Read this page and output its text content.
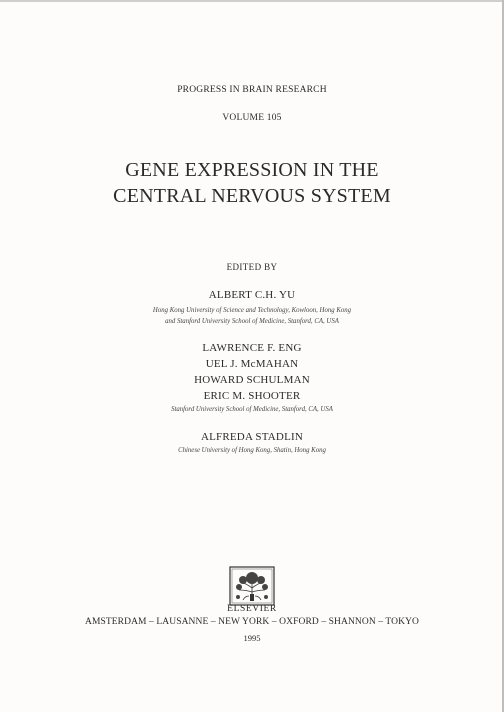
PROGRESS IN BRAIN RESEARCH
VOLUME 105
GENE EXPRESSION IN THE
CENTRAL NERVOUS SYSTEM
EDITED BY
ALBERT C.H. YU
Hong Kong University of Science and Technology, Kowloon, Hong Kong
and Stanford University School of Medicine, Stanford, CA, USA
LAWRENCE F. ENG
UEL J. McMAHAN
HOWARD SCHULMAN
ERIC M. SHOOTER
Stanford University School of Medicine, Stanford, CA, USA
ALFREDA STADLIN
Chinese University of Hong Kong, Shatin, Hong Kong
ELSEVIER
AMSTERDAM – LAUSANNE – NEW YORK – OXFORD – SHANNON – TOKYO
1995
